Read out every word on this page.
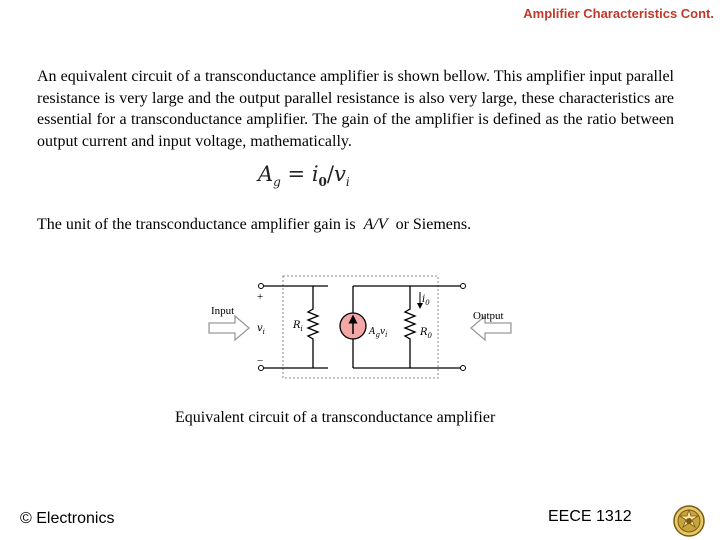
Amplifier Characteristics Cont.

An equivalent circuit of a transconductance amplifier is shown bellow. This amplifier input parallel resistance is very large and the output parallel resistance is also very large, these characteristics are essential for a transconductance amplifier. The gain of the amplifier is defined as the ratio between output current and input voltage, mathematically.

$A_g = i_0/v_i$
The unit of the transconductance amplifier gain is A/V or Siemens.
Input	Output
+
−
$v_i$
$R_i$	$A_gv_i$	$R_0$
$i_0$
Equivalent circuit of a transconductance amplifier
© Electronics	EECE 1312
